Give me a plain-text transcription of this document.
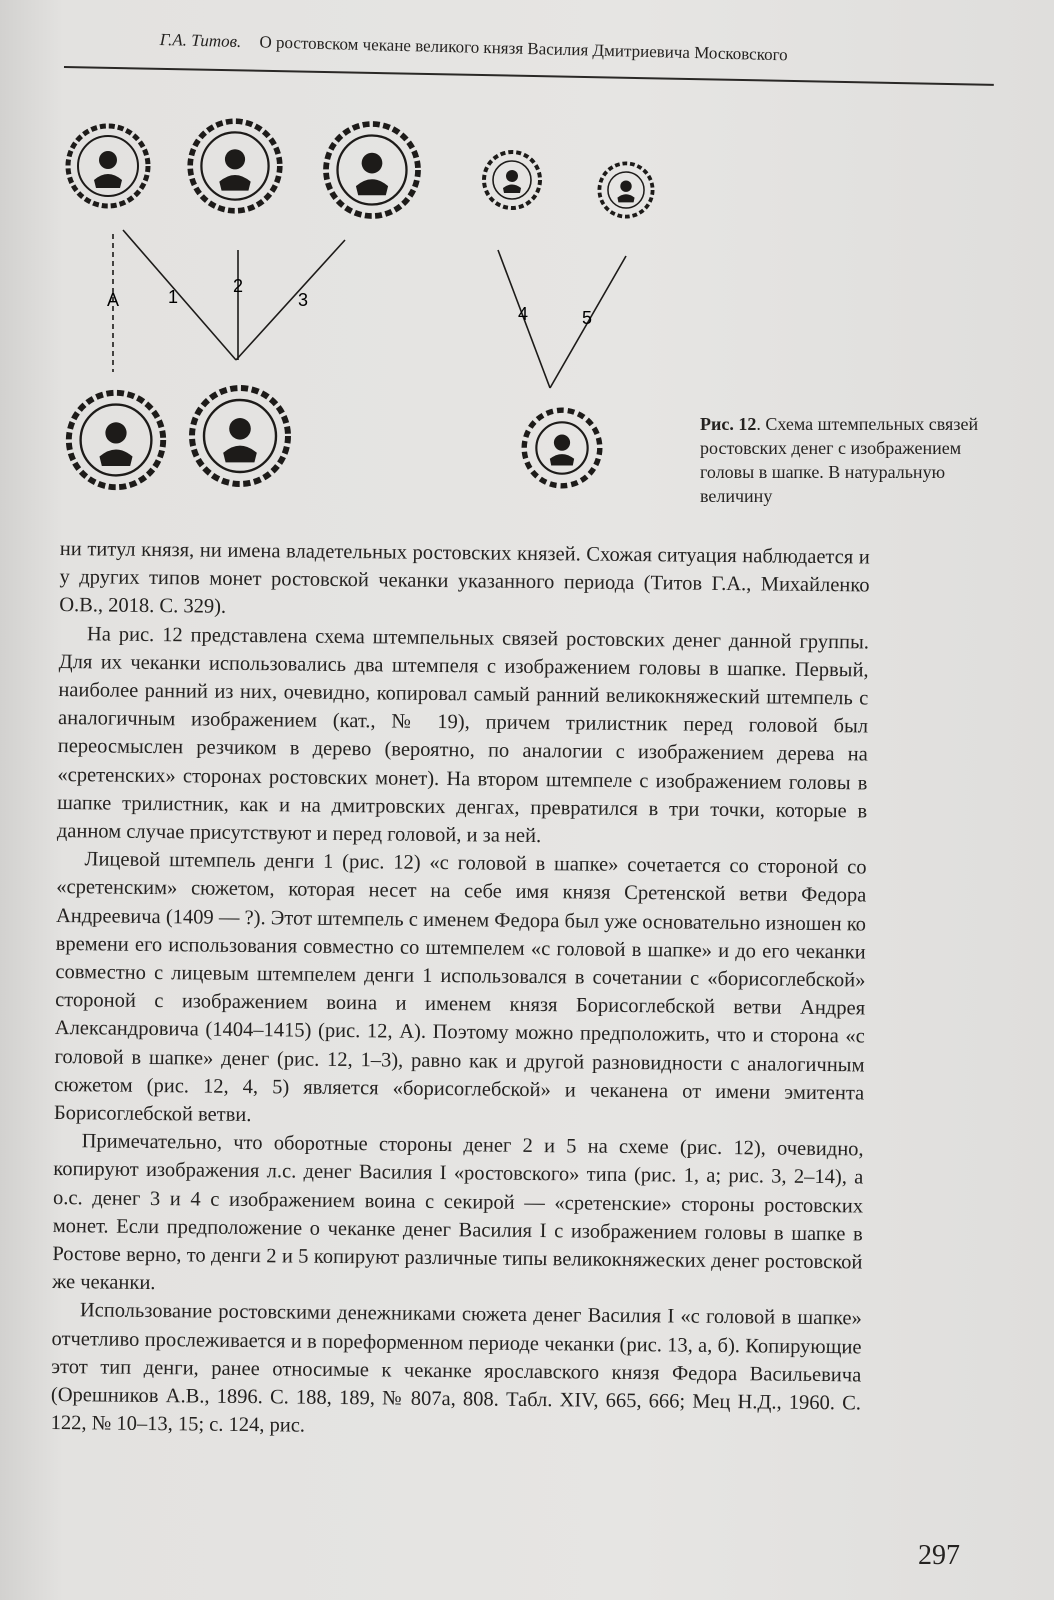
Г.А. Титов. О ростовском чекане великого князя Василия Дмитриевича Московского
A	1
2
3
4	5
Рис. 12. Схема штемпельных связей ростовских денег с изображением головы в шапке. В натуральную величину

ни титул князя, ни имена владетельных ростовских князей. Схожая ситуация наблюдается и у других типов монет ростовской чеканки указанного периода (Титов Г.А., Михайленко О.В., 2018. С. 329).

На рис. 12 представлена схема штемпельных связей ростовских денег данной группы. Для их чеканки использовались два штемпеля с изображением головы в шапке. Первый, наиболее ранний из них, очевидно, копировал самый ранний великокняжеский штемпель с аналогичным изображением (кат., № 19), причем трилистник перед головой был переосмыслен резчиком в дерево (вероятно, по аналогии с изображением дерева на «сретенских» сторонах ростовских монет). На втором штемпеле с изображением головы в шапке трилистник, как и на дмитровских денгах, превратился в три точки, которые в данном случае присутствуют и перед головой, и за ней.

Лицевой штемпель денги 1 (рис. 12) «с головой в шапке» сочетается со стороной со «сретенским» сюжетом, которая несет на себе имя князя Сретенской ветви Федора Андреевича (1409 — ?). Этот штемпель с именем Федора был уже основательно изношен ко времени его использования совместно со штемпелем «с головой в шапке» и до его чеканки совместно с лицевым штемпелем денги 1 использовался в сочетании с «борисоглебской» стороной с изображением воина и именем князя Борисоглебской ветви Андрея Александровича (1404–1415) (рис. 12, А). Поэтому можно предположить, что и сторона «с головой в шапке» денег (рис. 12, 1–3), равно как и другой разновидности с аналогичным сюжетом (рис. 12, 4, 5) является «борисоглебской» и чеканена от имени эмитента Борисоглебской ветви.

Примечательно, что оборотные стороны денег 2 и 5 на схеме (рис. 12), очевидно, копируют изображения л.с. денег Василия I «ростовского» типа (рис. 1, а; рис. 3, 2–14), а о.с. денег 3 и 4 с изображением воина с секирой — «сретенские» стороны ростовских монет. Если предположение о чеканке денег Василия I с изображением головы в шапке в Ростове верно, то денги 2 и 5 копируют различные типы великокняжеских денег ростовской же чеканки.

Использование ростовскими денежниками сюжета денег Василия I «с головой в шапке» отчетливо прослеживается и в пореформенном периоде чеканки (рис. 13, а, б). Копирующие этот тип денги, ранее относимые к чеканке ярославского князя Федора Васильевича (Орешников А.В., 1896. С. 188, 189, № 807а, 808. Табл. XIV, 665, 666; Мец Н.Д., 1960. С. 122, № 10–13, 15; с. 124, рис.

297
